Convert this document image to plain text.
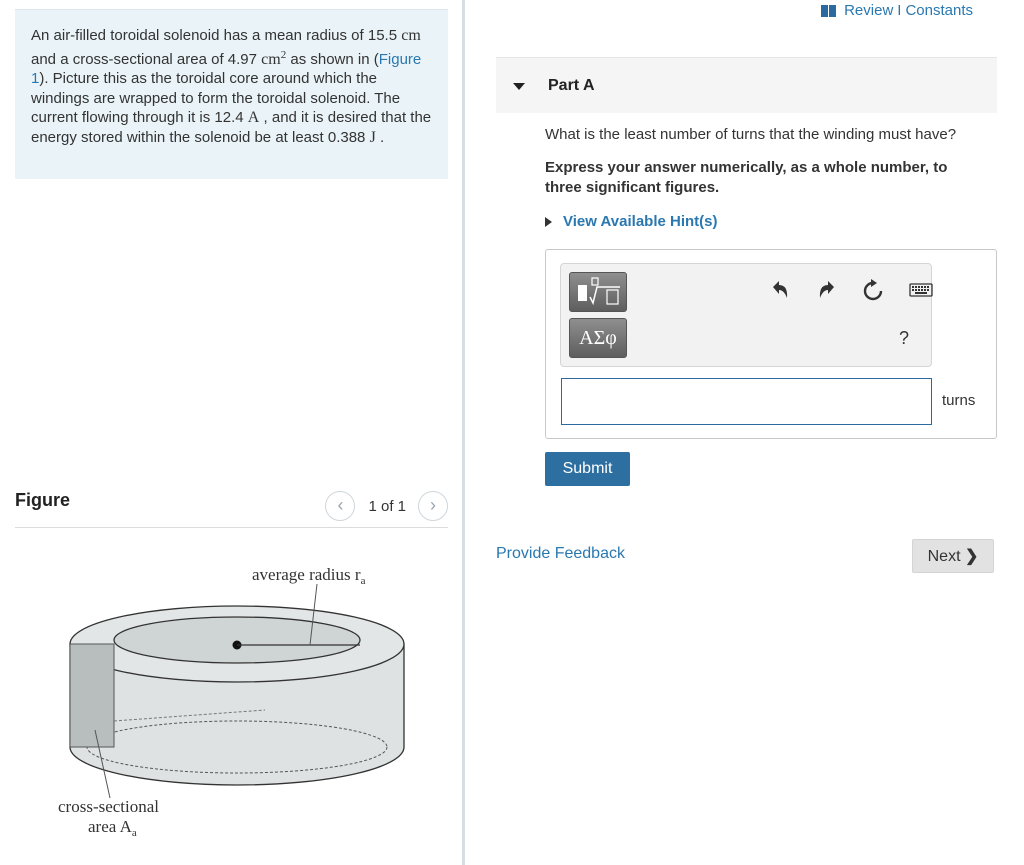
An air-filled toroidal solenoid has a mean radius of 15.5 cm and a cross-sectional area of 4.97 $cm^2$ as shown in (Figure 1). Picture this as the toroidal core around which the windings are wrapped to form the toroidal solenoid. The current flowing through it is 12.4 A , and it is desired that the energy stored within the solenoid be at least 0.388 J .
Figure	‹	1 of 1	›
average radius $r_a$
cross-sectional
area $A_a$
Review I Constants
Part A
What is the least number of turns that the winding must have?
Express your answer numerically, as a whole number, to three significant figures.
View Available Hint(s)
ΑΣφ	?
turns
Submit
Provide Feedback	Next ❯
